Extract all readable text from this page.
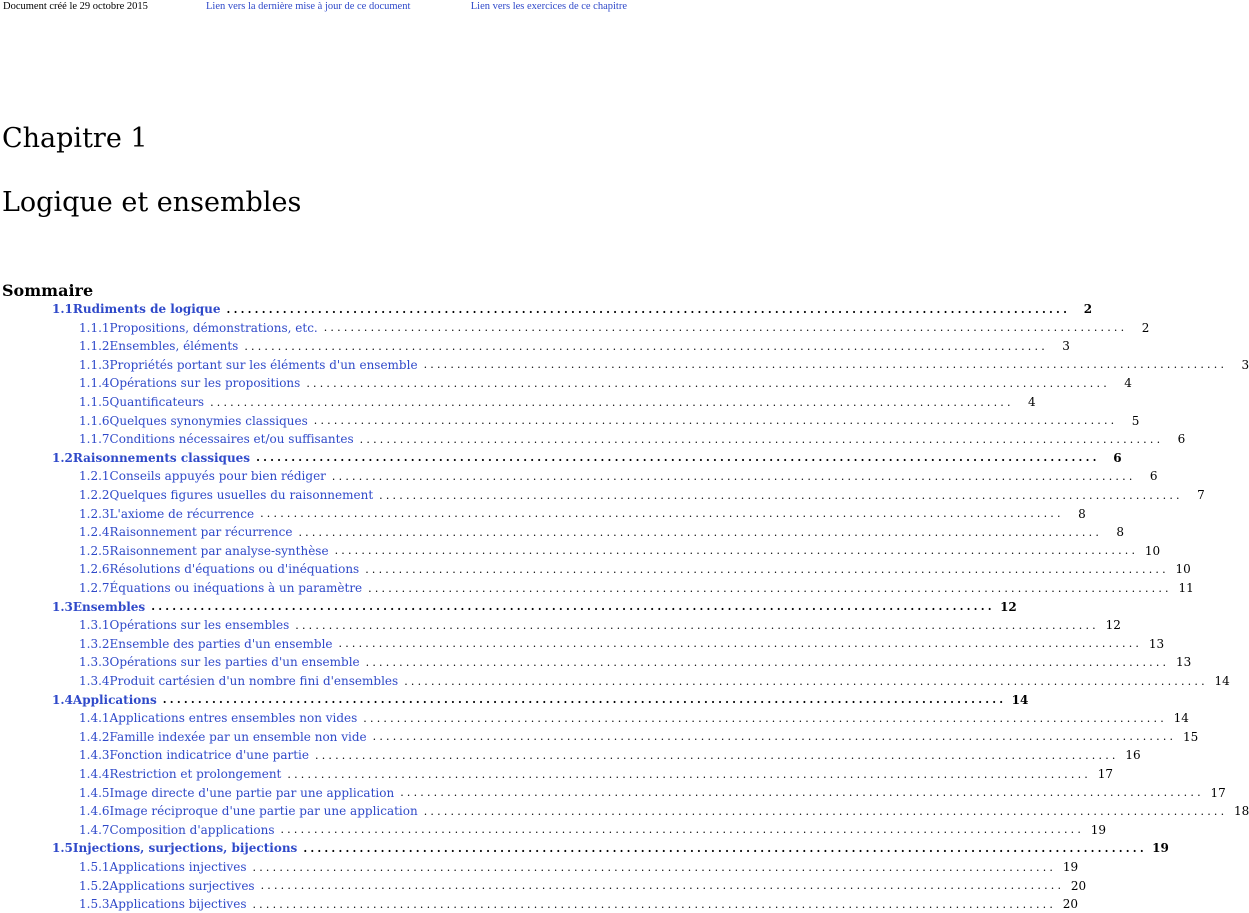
Document créé le 29 octobre 2015	Lien vers la dernière mise à jour de ce document	Lien vers les exercices de ce chapitre
Chapitre 1
Logique et ensembles
Sommaire
1.1 Rudiments de logique ........................................................................................................................	2
1.1.1 Propositions, démonstrations, etc. ........................................................................................................................	2
1.1.2 Ensembles, éléments ........................................................................................................................	3
1.1.3 Propriétés portant sur les éléments d'un ensemble ........................................................................................................................	3
1.1.4 Opérations sur les propositions ........................................................................................................................	4
1.1.5 Quantificateurs ........................................................................................................................	4
1.1.6 Quelques synonymies classiques ........................................................................................................................	5
1.1.7 Conditions nécessaires et/ou suffisantes ........................................................................................................................	6
1.2 Raisonnements classiques ........................................................................................................................	6
1.2.1 Conseils appuyés pour bien rédiger ........................................................................................................................	6
1.2.2 Quelques figures usuelles du raisonnement ........................................................................................................................	7
1.2.3 L'axiome de récurrence ........................................................................................................................	8
1.2.4 Raisonnement par récurrence ........................................................................................................................	8
1.2.5 Raisonnement par analyse-synthèse ........................................................................................................................ 10
1.2.6 Résolutions d'équations ou d'inéquations ........................................................................................................................ 10
1.2.7 Équations ou inéquations à un paramètre ........................................................................................................................ 11
1.3 Ensembles ........................................................................................................................ 12
1.3.1 Opérations sur les ensembles ........................................................................................................................ 12
1.3.2 Ensemble des parties d'un ensemble ........................................................................................................................ 13
1.3.3 Opérations sur les parties d'un ensemble ........................................................................................................................ 13
1.3.4 Produit cartésien d'un nombre fini d'ensembles ........................................................................................................................ 14
1.4 Applications ........................................................................................................................ 14
1.4.1 Applications entres ensembles non vides ........................................................................................................................ 14
1.4.2 Famille indexée par un ensemble non vide ........................................................................................................................ 15
1.4.3 Fonction indicatrice d'une partie ........................................................................................................................ 16
1.4.4 Restriction et prolongement ........................................................................................................................ 17
1.4.5 Image directe d'une partie par une application ........................................................................................................................ 17
1.4.6 Image réciproque d'une partie par une application ........................................................................................................................ 18
1.4.7 Composition d'applications ........................................................................................................................ 19
1.5 Injections, surjections, bijections ........................................................................................................................ 19
1.5.1 Applications injectives ........................................................................................................................ 19
1.5.2 Applications surjectives ........................................................................................................................ 20
1.5.3 Applications bijectives ........................................................................................................................ 20
